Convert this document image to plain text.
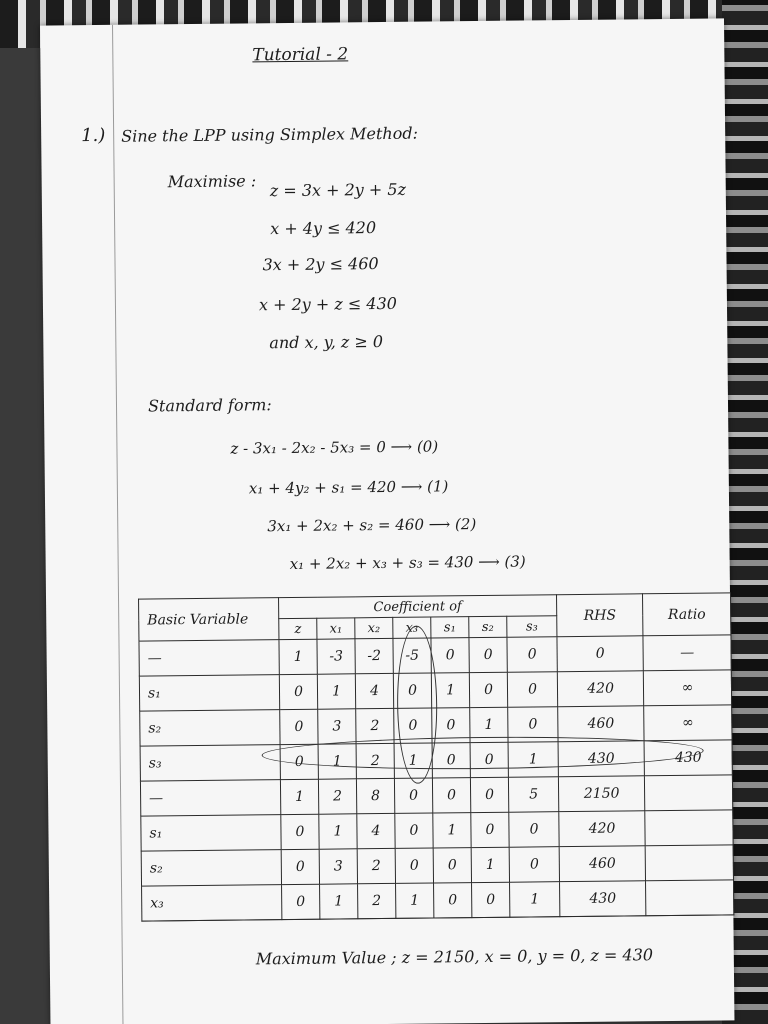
Tutorial - 2
1.) Sine the LPP using Simplex Method:
Maximise : z = 3x + 2y + 5z
x + 4y ≤ 420
3x + 2y ≤ 460
x + 2y + z ≤ 430
and x, y, z ≥ 0
Standard form:
z - 3x₁ - 2x₂ - 5x₃ = 0 ⟶ (0)
x₁ + 4y₂ + s₁ = 420 ⟶ (1)
3x₁ + 2x₂ + s₂ = 460 ⟶ (2)
x₁ + 2x₂ + x₃ + s₃ = 430 ⟶ (3)
Basic Variable	Coefficient of							RHS	Ratio
	z	x₁	x₂	x₃	s₁	s₂	s₃		
—	1	-3	-2	-5	0	0	0	0	—
s₁	0	1	4	0	1	0	0	420	∞
s₂	0	3	2	0	0	1	0	460	∞
s₃	0	1	2	1	0	0	1	430	430
—	1	2	8	0	0	0	5	2150	
s₁	0	1	4	0	1	0	0	420	
s₂	0	3	2	0	0	1	0	460	
x₃	0	1	2	1	0	0	1	430	
Maximum Value ; z = 2150, x = 0, y = 0, z = 430
